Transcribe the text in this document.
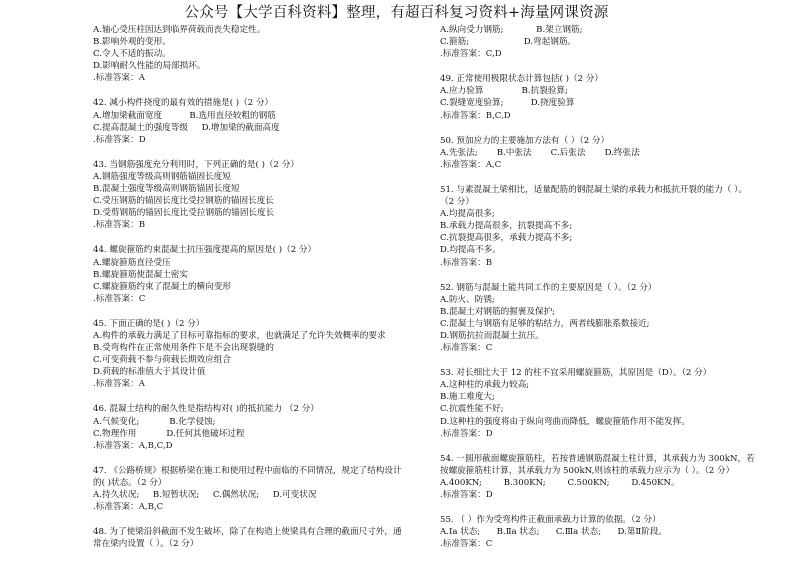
公众号【大学百科资料】整理，有超百科复习资料+海量网课资源

A.轴心受压柱因达到临界荷载而丧失稳定性。

B.影响外观的变形。

C.令人不适的振动。

D.影响耐久性能的局部损坏。

.标准答案：A

42. 减小构件挠度的最有效的措施是( )（2 分）

A.增加梁截面宽度          B.选用直径较粗的钢筋

C.提高混凝土的强度等级     D.增加梁的截面高度

.标准答案：D

43. 当钢筋强度充分利用时，下列正确的是( )（2 分）

A.钢筋强度等级高则钢筋锚固长度短

B.混凝土强度等级高则钢筋锚固长度短

C.受压钢筋的锚固长度比受拉钢筋的锚固长度长

D.受剪钢筋的锚固长度比受拉钢筋的锚固长度长

.标准答案：B

44. 螺旋箍筋约束混凝土抗压强度提高的原因是( )（2 分）

A.螺旋箍筋直径受压

B.螺旋箍筋使混凝土密实

C.螺旋箍筋约束了混凝土的横向变形

.标准答案：C

45. 下面正确的是( )（2 分）

A.构件的承载力满足了目标可靠指标的要求，也就满足了允许失效概率的要求

B.受弯构件在正常使用条件下是不会出现裂缝的

C.可变荷载不参与荷载长期效应组合

D.荷载的标准值大于其设计值

.标准答案：A

46. 混凝土结构的耐久性是指结构对( )的抵抗能力 （2 分）

A.气候变化;           B.化学侵蚀;

C.物理作用           D.任何其他破坏过程

.标准答案：A,B,C,D

47. 《公路桥规》根据桥梁在施工和使用过程中面临的不同情况，规定了结构设计

的( )状态。（2 分）

A.持久状况;     B.短暂状况;     C.偶然状况;     D.可变状况

.标准答案：A,B,C

48. 为了使梁沿斜截面不发生破坏，除了在构造上使梁具有合理的截面尺寸外，通

常在梁内设置（ ）。（2 分）

A.纵向受力钢筋;            B.架立钢筋;

C.箍筋;                    D.弯起钢筋。

.标准答案：C,D

49. 正常使用极限状态计算包括( )（2 分）

A.应力验算              B.抗裂验算;

C.裂缝宽度验算;          D.挠度验算

.标准答案：B,C,D

50. 预加应力的主要施加方法有（ ）（2 分）

A.先张法;       B.中张法       C.后张法       D.终张法

.标准答案：A,C

51. 与素混凝土梁相比，适量配筋的钢混凝土梁的承载力和抵抗开裂的能力（ ）。

（2 分）

A.均提高很多;

B.承载力提高很多，抗裂提高不多;

C.抗裂提高很多，承载力提高不多;

D.均提高不多。

.标准答案：B

52. 钢筋与混凝土能共同工作的主要原因是（ ）。（2 分）

A.防火、防锈;

B.混凝土对钢筋的握裹及保护;

C.混凝土与钢筋有足够的粘结力，两者线膨胀系数接近;

D.钢筋抗拉而混凝土抗压。

.标准答案：C

53. 对长细比大于 12 的柱不宜采用螺旋箍筋，其原因是（D）。（2 分）

A.这种柱的承载力较高;

B.施工难度大;

C.抗震性能不好;

D.这种柱的强度将由于纵向弯曲而降低，螺旋箍筋作用不能发挥。

.标准答案：D

54. 一圆形截面螺旋箍筋柱，若按普通钢筋混凝土柱计算，其承载力为 300kN，若

按螺旋箍筋柱计算，其承载力为 500kN,则该柱的承载力应示为（ ）。（2 分）

A.400KN;        B.300KN;        C.500KN;        D.450KN。

.标准答案：D

55. （ ）作为受弯构件正截面承载力计算的依据。（2 分）

A.Ⅰa 状态;      B.Ⅱa 状态;      C.Ⅲa 状态;      D.第Ⅱ阶段。

.标准答案：C
